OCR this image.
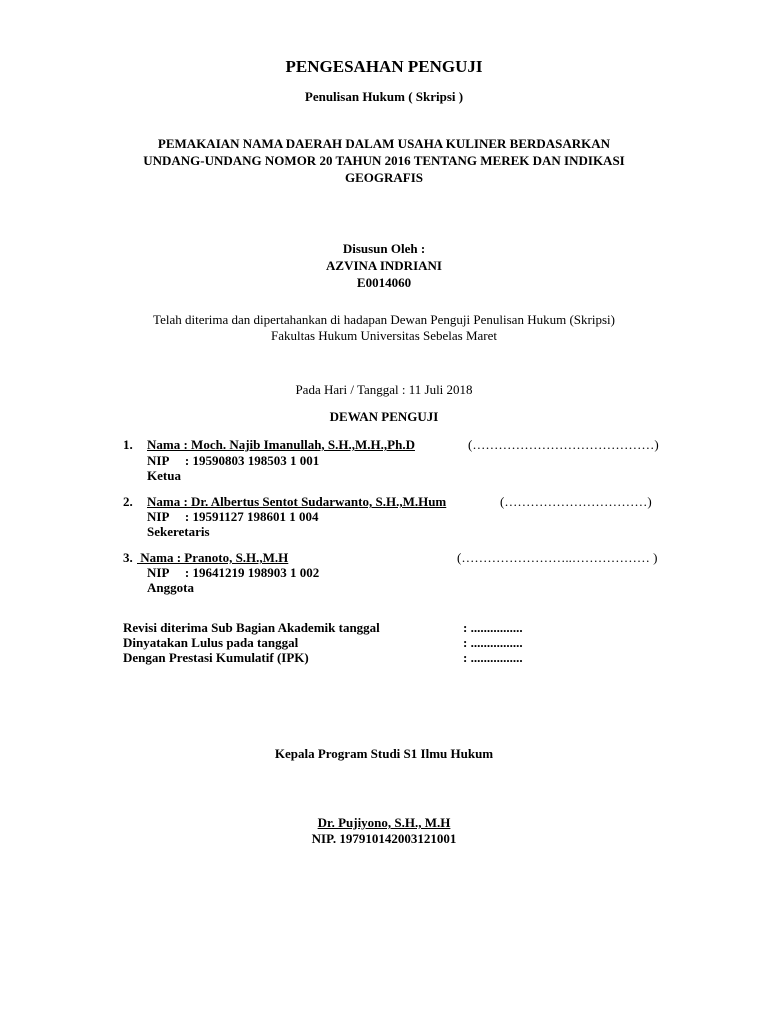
PENGESAHAN PENGUJI
Penulisan Hukum ( Skripsi )
PEMAKAIAN NAMA DAERAH DALAM USAHA KULINER BERDASARKAN
UNDANG-UNDANG NOMOR 20 TAHUN 2016 TENTANG MEREK DAN INDIKASI
GEOGRAFIS
Disusun Oleh :
AZVINA INDRIANI
E0014060
Telah diterima dan dipertahankan di hadapan Dewan Penguji Penulisan Hukum (Skripsi)
Fakultas Hukum Universitas Sebelas Maret
Pada Hari / Tanggal : 11 Juli 2018
DEWAN PENGUJI
1. Nama : Moch. Najib Imanullah, S.H.,M.H.,Ph.D	(……………………………………)
NIP     : 19590803 198503 1 001
Ketua
2. Nama : Dr. Albertus Sentot Sudarwanto, S.H.,M.Hum	(……………………………)
NIP     : 19591127 198601 1 004
Sekeretaris
3. Nama : Pranoto, S.H.,M.H	(……………………..……………… )
NIP     : 19641219 198903 1 002
Anggota
Revisi diterima Sub Bagian Akademik tanggal	: ................
Dinyatakan Lulus pada tanggal	: ................
Dengan Prestasi Kumulatif (IPK)	: ................
Kepala Program Studi S1 Ilmu Hukum
Dr. Pujiyono, S.H., M.H
NIP. 197910142003121001
